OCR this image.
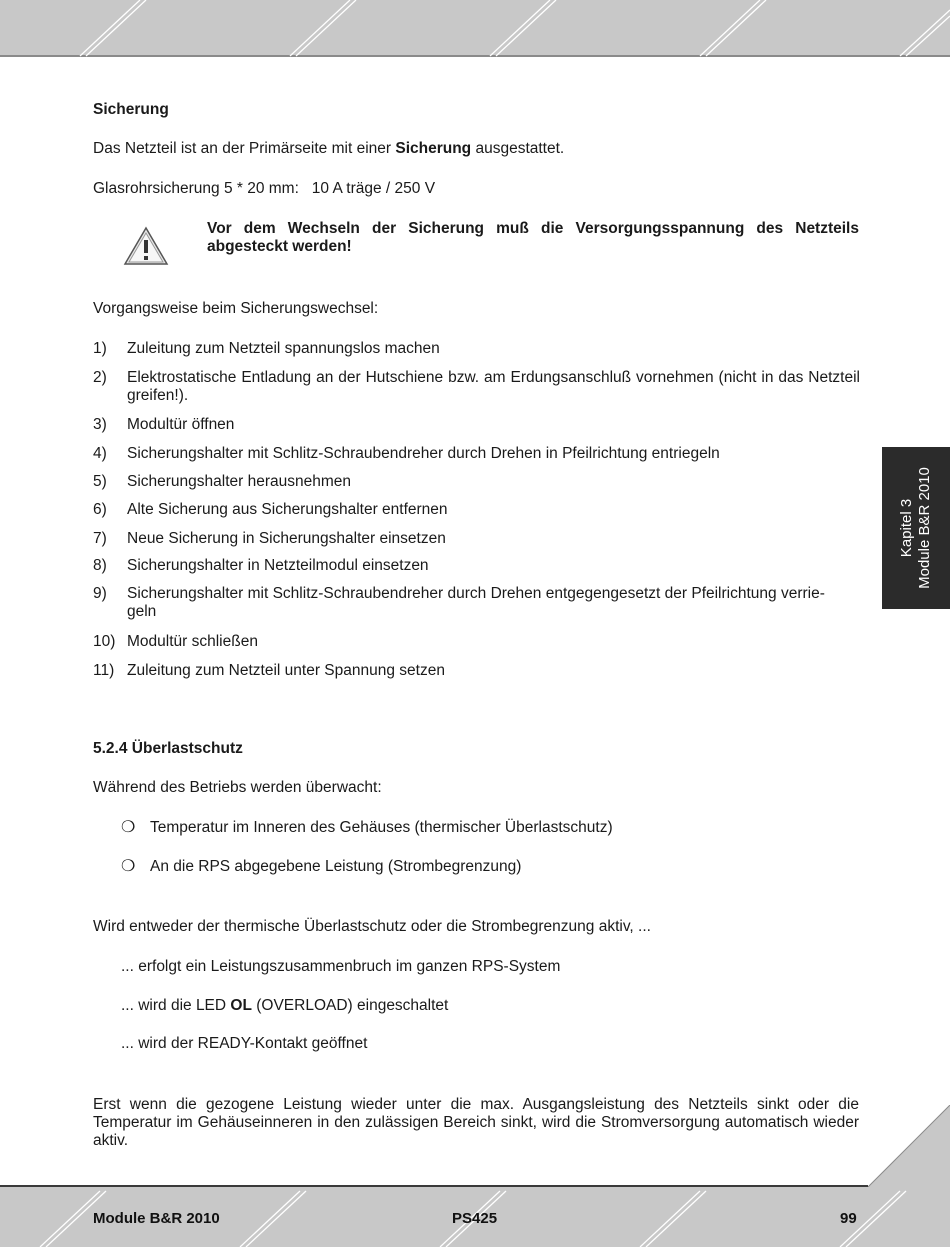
Sicherung
Das Netzteil ist an der Primärseite mit einer Sicherung ausgestattet.
Glasrohrsicherung 5 * 20 mm:   10 A träge / 250 V
Vor dem Wechseln der Sicherung muß die Versorgungsspannung des Netzteils abgesteckt werden!
Vorgangsweise beim Sicherungswechsel:
1) Zuleitung zum Netzteil spannungslos machen
2) Elektrostatische Entladung an der Hutschiene bzw. am Erdungsanschluß vornehmen (nicht in das Netzteil greifen!).
3) Modultür öffnen
4) Sicherungshalter mit Schlitz-Schraubendreher durch Drehen in Pfeilrichtung entriegeln
5) Sicherungshalter herausnehmen
6) Alte Sicherung aus Sicherungshalter entfernen
7) Neue Sicherung in Sicherungshalter einsetzen
8) Sicherungshalter in Netzteilmodul einsetzen
9) Sicherungshalter mit Schlitz-Schraubendreher durch Drehen entgegengesetzt der Pfeilrichtung verrie-
geln
10) Modultür schließen
11) Zuleitung zum Netzteil unter Spannung setzen
5.2.4 Überlastschutz
Während des Betriebs werden überwacht:
❍ Temperatur im Inneren des Gehäuses (thermischer Überlastschutz)
❍ An die RPS abgegebene Leistung (Strombegrenzung)
Wird entweder der thermische Überlastschutz oder die Strombegrenzung aktiv, ...
... erfolgt ein Leistungszusammenbruch im ganzen RPS-System
... wird die LED OL (OVERLOAD) eingeschaltet
... wird der READY-Kontakt geöffnet
Erst wenn die gezogene Leistung wieder unter die max. Ausgangsleistung des Netzteils sinkt oder die Temperatur im Gehäuseinneren in den zulässigen Bereich sinkt, wird die Stromversorgung automatisch wieder aktiv.
Kapitel 3 Module B&R 2010
Module B&R 2010	PS425	99
